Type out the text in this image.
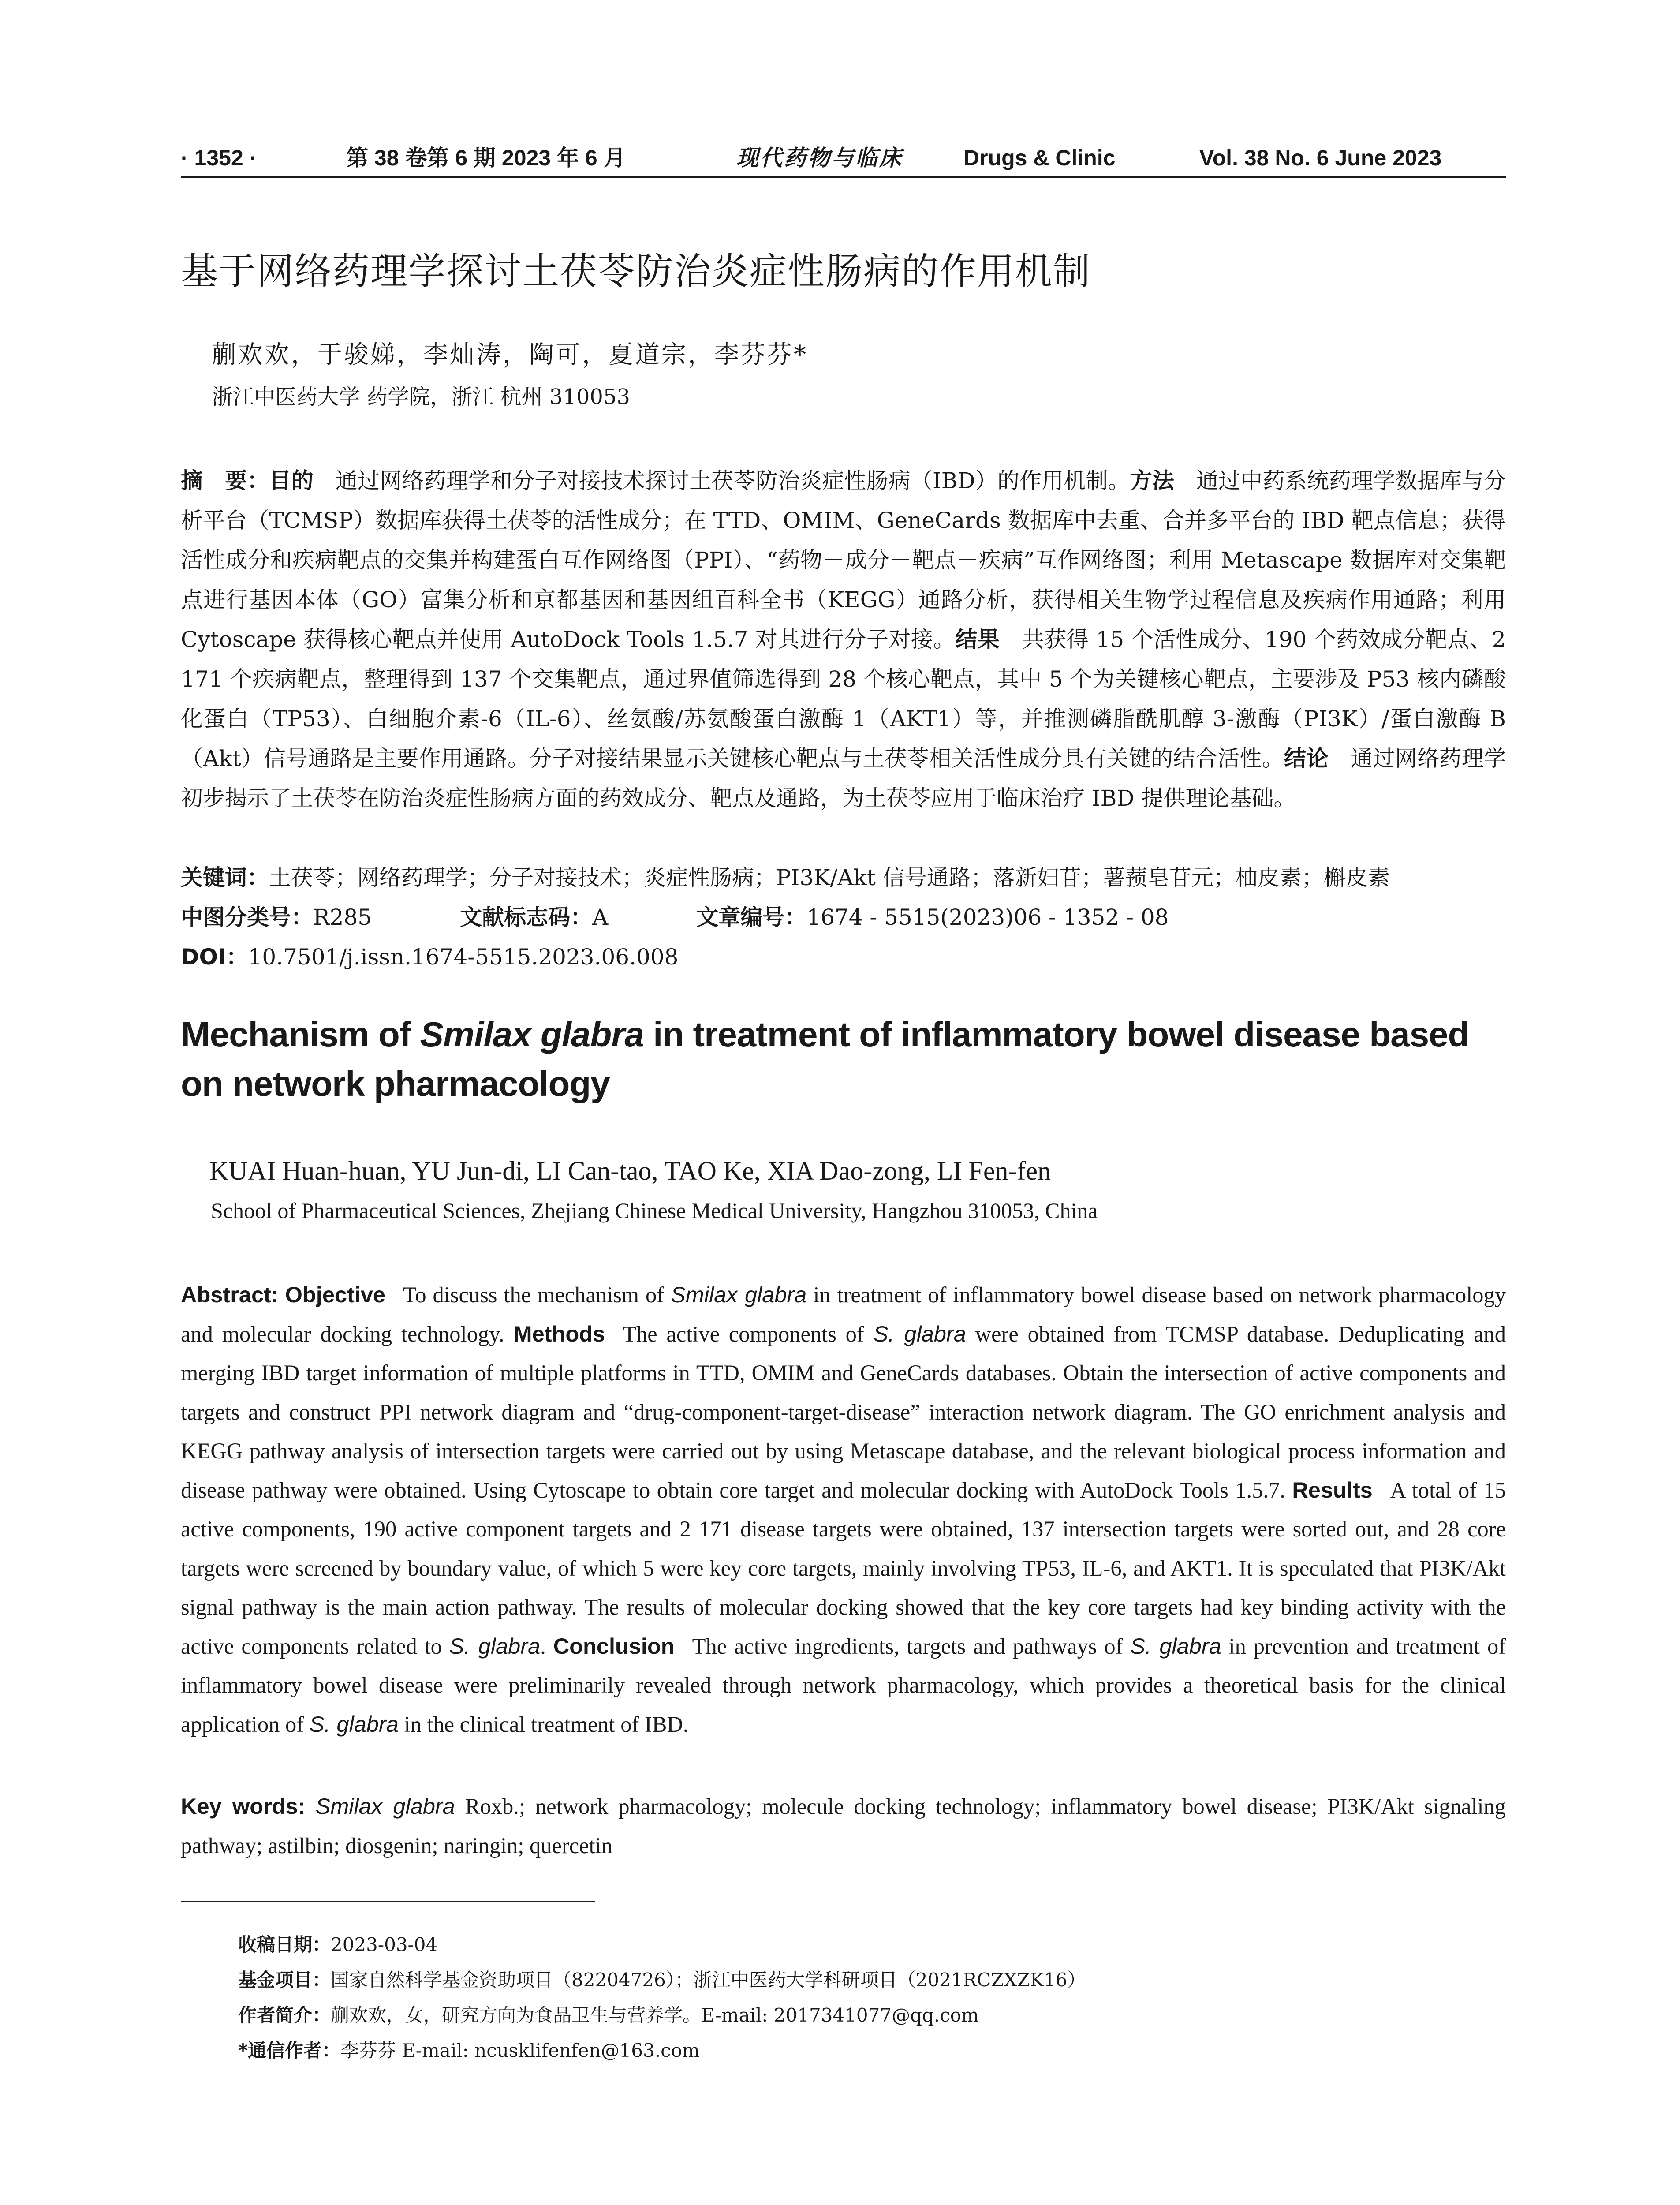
· 1352 ·	第 38 卷第 6 期 2023 年 6 月	现代药物与临床	Drugs & Clinic	Vol. 38 No. 6 June 2023
基于网络药理学探讨土茯苓防治炎症性肠病的作用机制
蒯欢欢，于骏娣，李灿涛，陶可，夏道宗，李芬芬*
浙江中医药大学 药学院，浙江 杭州 310053
摘　要：目的　 通过网络药理学和分子对接技术探讨土茯苓防治炎症性肠病（IBD）的作用机制。方法　 通过中药系统药理学数据库与分析平台（TCMSP）数据库获得土茯苓的活性成分；在 TTD、OMIM、GeneCards 数据库中去重、合并多平台的 IBD 靶点信息；获得活性成分和疾病靶点的交集并构建蛋白互作网络图（PPI）、“药物－成分－靶点－疾病”互作网络图；利用 Metascape 数据库对交集靶点进行基因本体（GO）富集分析和京都基因和基因组百科全书（KEGG）通路分析，获得相关生物学过程信息及疾病作用通路；利用 Cytoscape 获得核心靶点并使用 AutoDock Tools 1.5.7 对其进行分子对接。结果　 共获得 15 个活性成分、190 个药效成分靶点、2 171 个疾病靶点，整理得到 137 个交集靶点，通过界值筛选得到 28 个核心靶点，其中 5 个为关键核心靶点，主要涉及 P53 核内磷酸化蛋白（TP53）、白细胞介素-6（IL-6）、丝氨酸/苏氨酸蛋白激酶 1（AKT1）等，并推测磷脂酰肌醇 3-激酶（PI3K）/蛋白激酶 B（Akt）信号通路是主要作用通路。分子对接结果显示关键核心靶点与土茯苓相关活性成分具有关键的结合活性。结论　 通过网络药理学初步揭示了土茯苓在防治炎症性肠病方面的药效成分、靶点及通路，为土茯苓应用于临床治疗 IBD 提供理论基础。
关键词：土茯苓；网络药理学；分子对接技术；炎症性肠病；PI3K/Akt 信号通路；落新妇苷；薯蓣皂苷元；柚皮素；槲皮素
中图分类号：R285	文献标志码：A	文章编号：1674 - 5515(2023)06 - 1352 - 08
DOI：10.7501/j.issn.1674-5515.2023.06.008
Mechanism of Smilax glabra in treatment of inflammatory bowel disease based on network pharmacology
KUAI Huan-huan, YU Jun-di, LI Can-tao, TAO Ke, XIA Dao-zong, LI Fen-fen
School of Pharmaceutical Sciences, Zhejiang Chinese Medical University, Hangzhou 310053, China
Abstract: Objective To discuss the mechanism of Smilax glabra in treatment of inflammatory bowel disease based on network pharmacology and molecular docking technology. Methods The active components of S. glabra were obtained from TCMSP database. Deduplicating and merging IBD target information of multiple platforms in TTD, OMIM and GeneCards databases. Obtain the intersection of active components and targets and construct PPI network diagram and “drug-component-target-disease” interaction network diagram. The GO enrichment analysis and KEGG pathway analysis of intersection targets were carried out by using Metascape database, and the relevant biological process information and disease pathway were obtained. Using Cytoscape to obtain core target and molecular docking with AutoDock Tools 1.5.7. Results A total of 15 active components, 190 active component targets and 2 171 disease targets were obtained, 137 intersection targets were sorted out, and 28 core targets were screened by boundary value, of which 5 were key core targets, mainly involving TP53, IL-6, and AKT1. It is speculated that PI3K/Akt signal pathway is the main action pathway. The results of molecular docking showed that the key core targets had key binding activity with the active components related to S. glabra. Conclusion The active ingredients, targets and pathways of S. glabra in prevention and treatment of inflammatory bowel disease were preliminarily revealed through network pharmacology, which provides a theoretical basis for the clinical application of S. glabra in the clinical treatment of IBD.
Key words: Smilax glabra Roxb.; network pharmacology; molecule docking technology; inflammatory bowel disease; PI3K/Akt signaling pathway; astilbin; diosgenin; naringin; quercetin
收稿日期：2023-03-04
基金项目：国家自然科学基金资助项目（82204726）；浙江中医药大学科研项目（2021RCZXZK16）
作者简介：蒯欢欢，女，研究方向为食品卫生与营养学。E-mail: 2017341077@qq.com
*通信作者：李芬芬 E-mail: ncusklifenfen@163.com
